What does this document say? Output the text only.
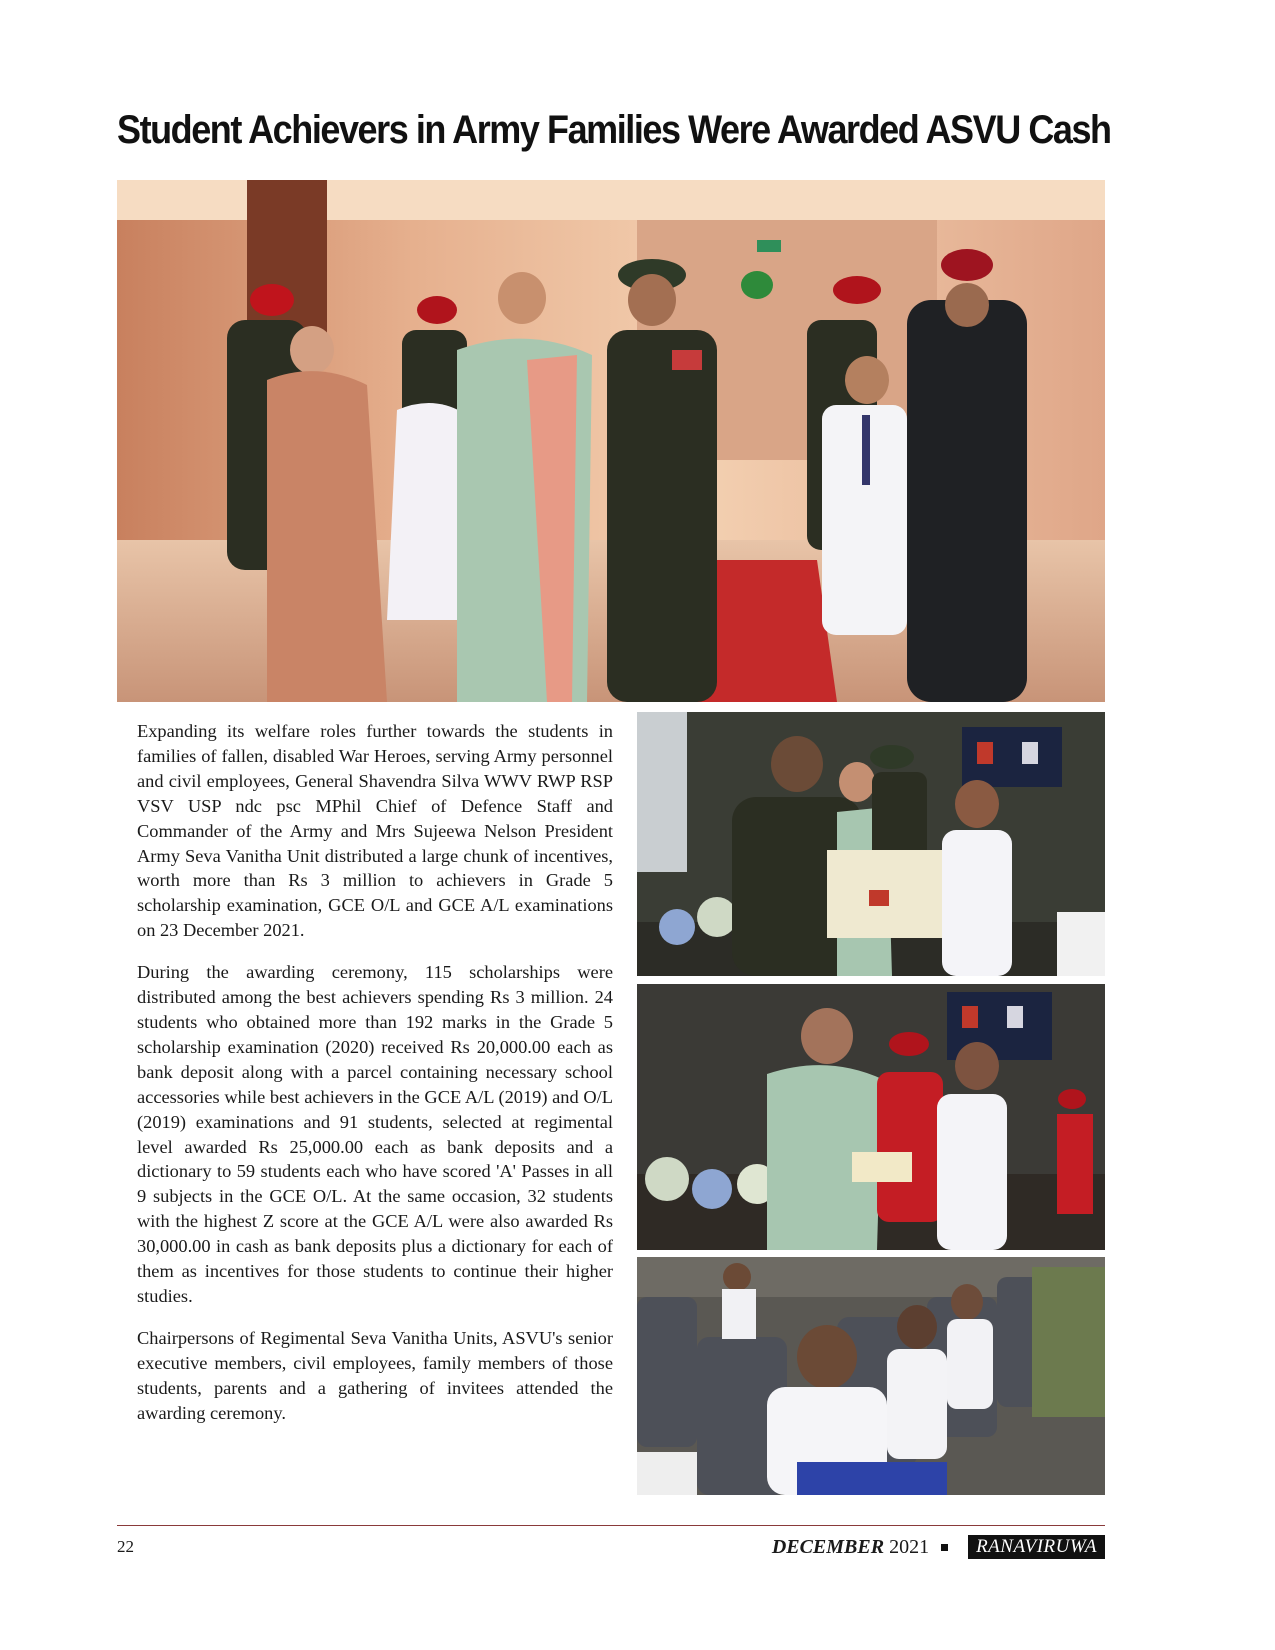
Student Achievers in Army Families Were Awarded ASVU Cash

Expanding its welfare roles further towards the students in families of fallen, disabled War Heroes, serving Army personnel and civil employees, General Shavendra Silva WWV RWP RSP VSV USP ndc psc MPhil Chief of Defence Staff and Commander of the Army and Mrs Sujeewa Nelson President Army Seva Vanitha Unit distributed a large chunk of incentives, worth more than Rs 3 million to achievers in Grade 5 scholarship examination, GCE O/L and GCE A/L examinations on 23 December 2021.

During the awarding ceremony, 115 scholarships were distributed among the best achievers spending Rs 3 million. 24 students who obtained more than 192 marks in the Grade 5 scholarship examination (2020) received Rs 20,000.00 each as bank deposit along with a parcel containing necessary school accessories while best achievers in the GCE A/L (2019) and O/L (2019) examinations and 91 students, selected at regimental level awarded Rs 25,000.00 each as bank deposits and a dictionary to 59 students each who have scored 'A' Passes in all 9 subjects in the GCE O/L. At the same occasion, 32 students with the highest Z score at the GCE A/L were also awarded Rs 30,000.00 in cash as bank deposits plus a dictionary for each of them as incentives for those students to continue their higher studies.

Chairpersons of Regimental Seva Vanitha Units, ASVU's senior executive members, civil employees, family members of those students, parents and a gathering of invitees attended the awarding ceremony.

22	DECEMBER 2021	RANAVIRUWA
